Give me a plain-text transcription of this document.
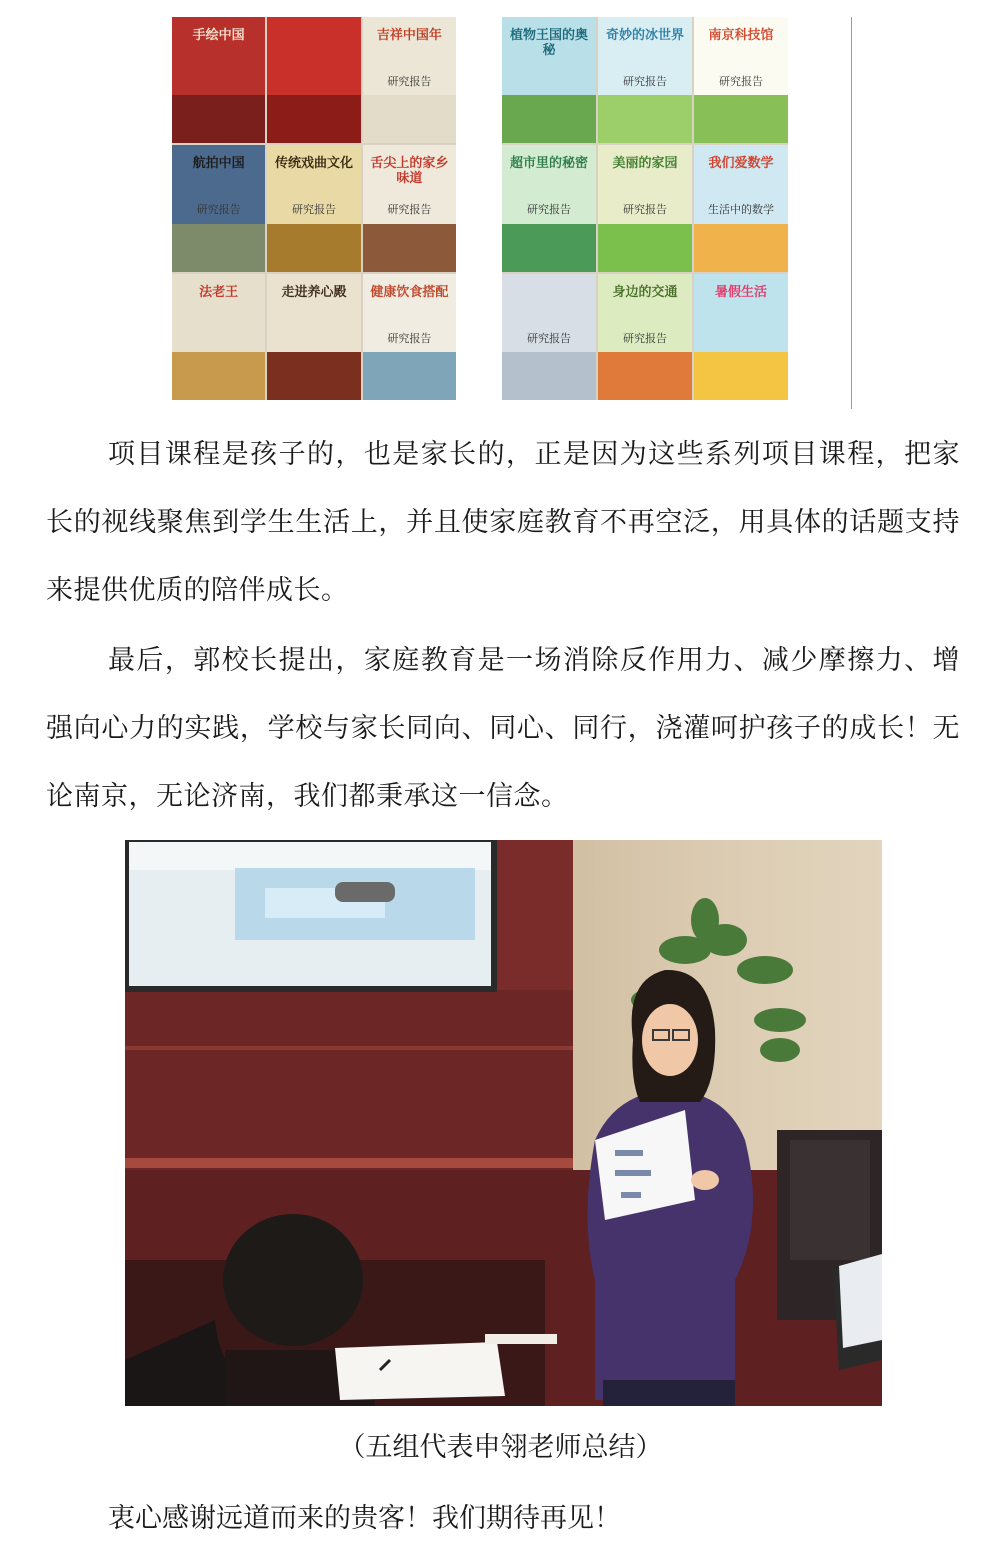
手绘中国	吉祥中国年
研究报告
航拍中国
研究报告
传统戏曲文化
研究报告
舌尖上的家乡味道
研究报告
法老王	走进养心殿	健康饮食搭配
研究报告
植物王国的奥秘
奇妙的冰世界
研究报告
南京科技馆
研究报告
超市里的秘密
研究报告
美丽的家园
研究报告
我们爱数学
生活中的数学
研究报告
身边的交通
研究报告
暑假生活

项目课程是孩子的，也是家长的，正是因为这些系列项目课程，把家长的视线聚焦到学生生活上，并且使家庭教育不再空泛，用具体的话题支持来提供优质的陪伴成长。

最后，郭校长提出，家庭教育是一场消除反作用力、减少摩擦力、增强向心力的实践，学校与家长同向、同心、同行，浇灌呵护孩子的成长！无论南京，无论济南，我们都秉承这一信念。

（五组代表申翎老师总结）
衷心感谢远道而来的贵客！我们期待再见！
